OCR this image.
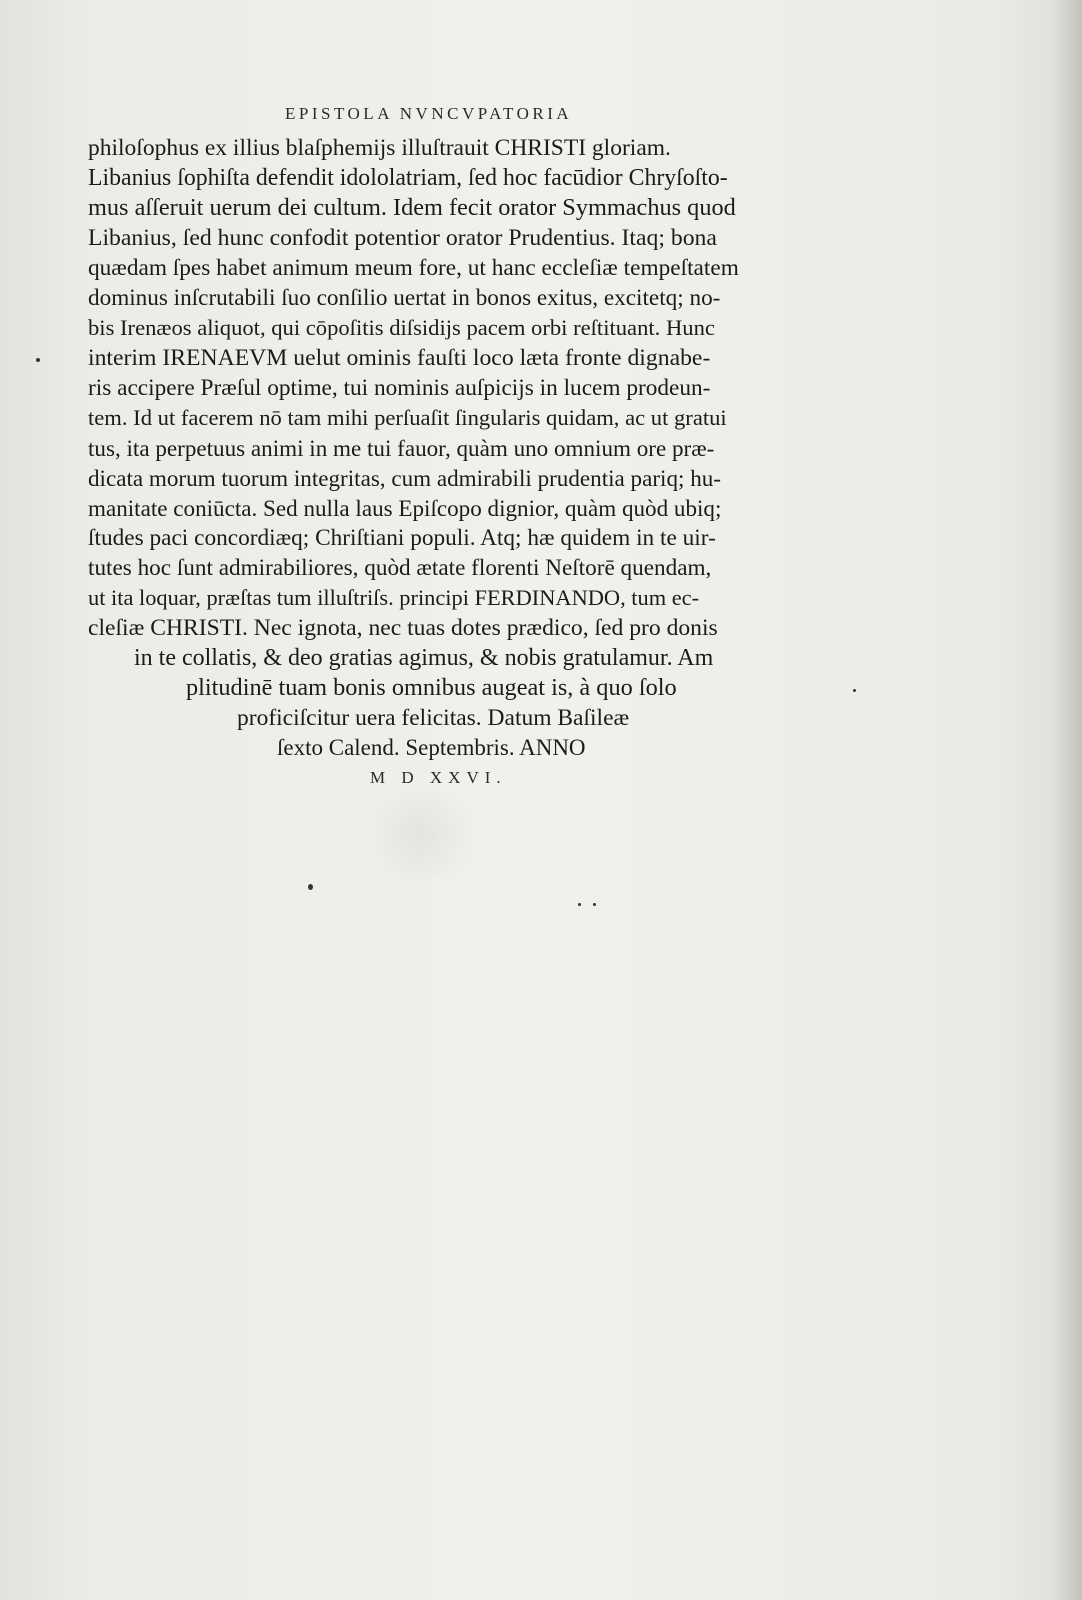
EPISTOLA NVNCVPATORIA
philoſophus ex illius blaſphemijs illuſtrauit CHRISTI gloriam.
Libanius ſophiſta defendit idololatriam, ſed hoc facūdior Chryſoſto-
mus aſſeruit uerum dei cultum. Idem fecit orator Symmachus quod
Libanius, ſed hunc confodit potentior orator Prudentius. Itaq; bona
quædam ſpes habet animum meum fore, ut hanc eccleſiæ tempeſtatem
dominus inſcrutabili ſuo conſilio uertat in bonos exitus, excitetq; no-
bis Irenæos aliquot, qui cōpoſitis diſsidijs pacem orbi reſtituant. Hunc
interim IRENAEVM uelut ominis fauſti loco læta fronte dignabe-
ris accipere Præſul optime, tui nominis auſpicijs in lucem prodeun-
tem. Id ut facerem nō tam mihi perſuaſit ſingularis quidam, ac ut gratui
tus, ita perpetuus animi in me tui fauor, quàm uno omnium ore præ-
dicata morum tuorum integritas, cum admirabili prudentia pariq; hu-
manitate coniūcta. Sed nulla laus Epiſcopo dignior, quàm quòd ubiq;
ſtudes paci concordiæq; Chriſtiani populi. Atq; hæ quidem in te uir-
tutes hoc ſunt admirabiliores, quòd ætate florenti Neſtorē quendam,
ut ita loquar, præſtas tum illuſtriſs. principi FERDINANDO, tum ec-
cleſiæ CHRISTI. Nec ignota, nec tuas dotes prædico, ſed pro donis
in te collatis, & deo gratias agimus, & nobis gratulamur. Am
plitudinē tuam bonis omnibus augeat is, à quo ſolo
proficiſcitur uera felicitas. Datum Baſileæ
ſexto Calend. Septembris. ANNO
M D XXVI.
